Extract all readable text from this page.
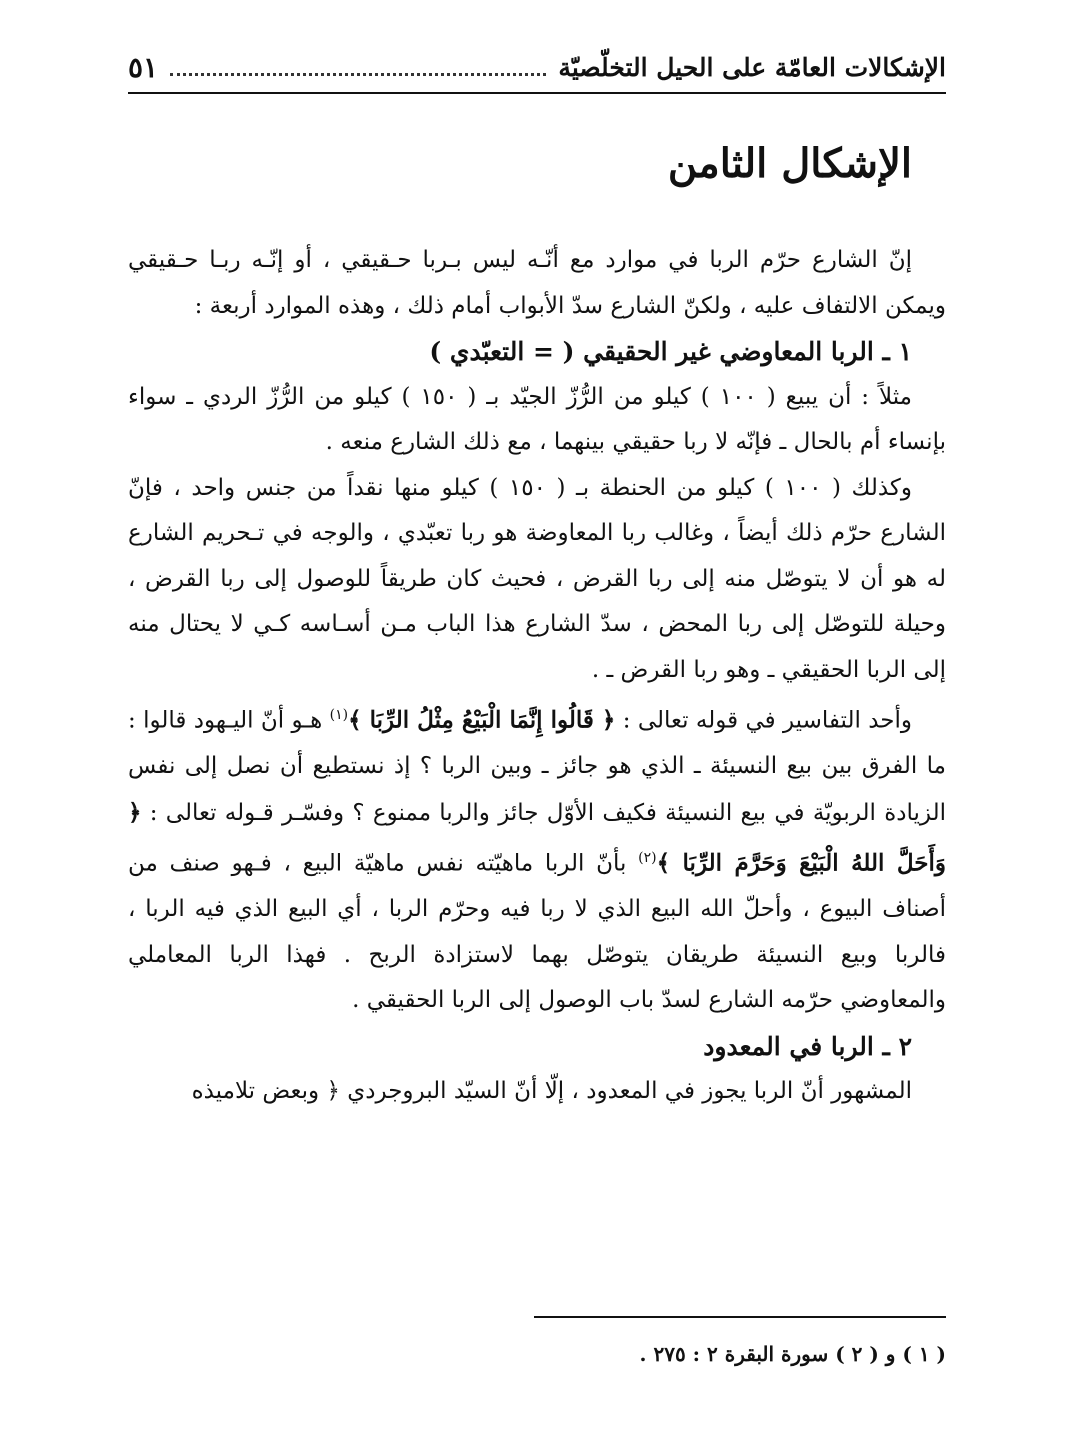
الإشكالات العامّة على الحيل التخلّصيّة
٥١
الإشكال الثامن

إنّ الشارع حرّم الربا في موارد مع أنّـه ليس بـربا حـقيقي ، أو إنّـه ربـا حـقيقي ويمكن الالتفاف عليه ، ولكنّ الشارع سدّ الأبواب أمام ذلك ، وهذه الموارد أربعة :

١ ـ الربا المعاوضي غير الحقيقي ( = التعبّدي )

مثلاً : أن يبيع ( ١٠٠ ) كيلو من الرُّزّ الجيّد بـ ( ١٥٠ ) كيلو من الرُّزّ الردي ـ سواء بإنساء أم بالحال ـ فإنّه لا ربا حقيقي بينهما ، مع ذلك الشارع منعه .

وكذلك ( ١٠٠ ) كيلو من الحنطة بـ ( ١٥٠ ) كيلو منها نقداً من جنس واحد ، فإنّ الشارع حرّم ذلك أيضاً ، وغالب ربا المعاوضة هو ربا تعبّدي ، والوجه في تـحريم الشارع له هو أن لا يتوصّل منه إلى ربا القرض ، فحيث كان طريقاً للوصول إلى ربا القرض ، وحيلة للتوصّل إلى ربا المحض ، سدّ الشارع هذا الباب مـن أسـاسه كـي لا يحتال منه إلى الربا الحقيقي ـ وهو ربا القرض ـ .

وأحد التفاسير في قوله تعالى : ﴿ قَالُوا إِنَّمَا الْبَيْعُ مِثْلُ الرِّبَا ﴾$^{(١)}$ هـو أنّ اليـهود قالوا : ما الفرق بين بيع النسيئة ـ الذي هو جائز ـ وبين الربا ؟ إذ نستطيع أن نصل إلى نفس الزيادة الربويّة في بيع النسيئة فكيف الأوّل جائز والربا ممنوع ؟ وفسّـر قـوله تعالى : ﴿ وَأَحَلَّ اللهُ الْبَيْعَ وَحَرَّمَ الرِّبَا ﴾$^{(٢)}$ بأنّ الربا ماهيّته نفس ماهيّة البيع ، فـهو صنف من أصناف البيوع ، وأحلّ الله البيع الذي لا ربا فيه وحرّم الربا ، أي البيع الذي فيه الربا ، فالربا وبيع النسيئة طريقان يتوصّل بهما لاستزادة الربح . فهذا الربا المعاملي والمعاوضي حرّمه الشارع لسدّ باب الوصول إلى الربا الحقيقي .

٢ ـ الربا في المعدود

المشهور أنّ الربا يجوز في المعدود ، إلّا أنّ السيّد البروجردي ﴿ وبعض تلاميذه

( ١ ) و ( ٢ ) سورة البقرة ٢ : ٢٧٥ .
